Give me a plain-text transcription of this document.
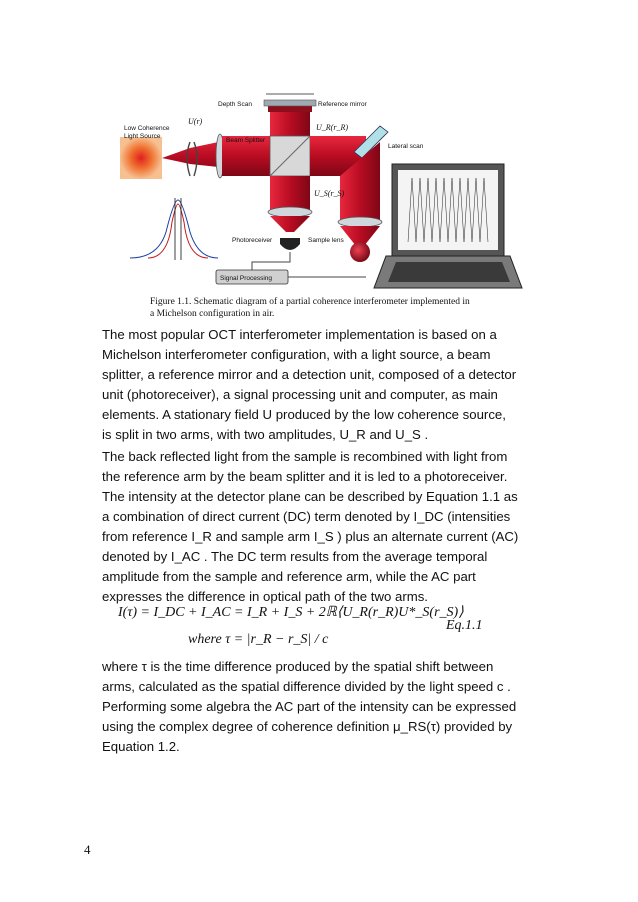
Depth Scan	Reference mirror
U(r)
U_R(r_R)
Low Coherence
Light Source
Beam Splitter
Lateral scan
U_S(r_S)
Photoreceiver	Sample lens
Signal Processing
Figure 1.1. Schematic diagram of a partial coherence interferometer implemented in
a Michelson configuration in air.
The most popular OCT interferometer implementation is based on a
Michelson interferometer configuration, with a light source, a beam
splitter, a reference mirror and a detection unit, composed of a detector
unit (photoreceiver), a signal processing unit and computer, as main
elements. A stationary field U produced by the low coherence source,
is split in two arms, with two amplitudes, U_R and U_S .
The back reflected light from the sample is recombined with light from
the reference arm by the beam splitter and it is led to a photoreceiver.
The intensity at the detector plane can be described by Equation 1.1 as
a combination of direct current (DC) term denoted by I_DC (intensities
from reference I_R and sample arm I_S ) plus an alternate current (AC)
denoted by I_AC . The DC term results from the average temporal
amplitude from the sample and reference arm, while the AC part
expresses the difference in optical path of the two arms.
I(τ) = I_DC + I_AC = I_R + I_S + 2ℝ⟨U_R(r_R)U*_S(r_S)⟩
where τ = |r_R − r_S| / c
Eq.1.1
where τ is the time difference produced by the spatial shift between
arms, calculated as the spatial difference divided by the light speed c .
Performing some algebra the AC part of the intensity can be expressed
using the complex degree of coherence definition μ_RS(τ) provided by
Equation 1.2.
4
